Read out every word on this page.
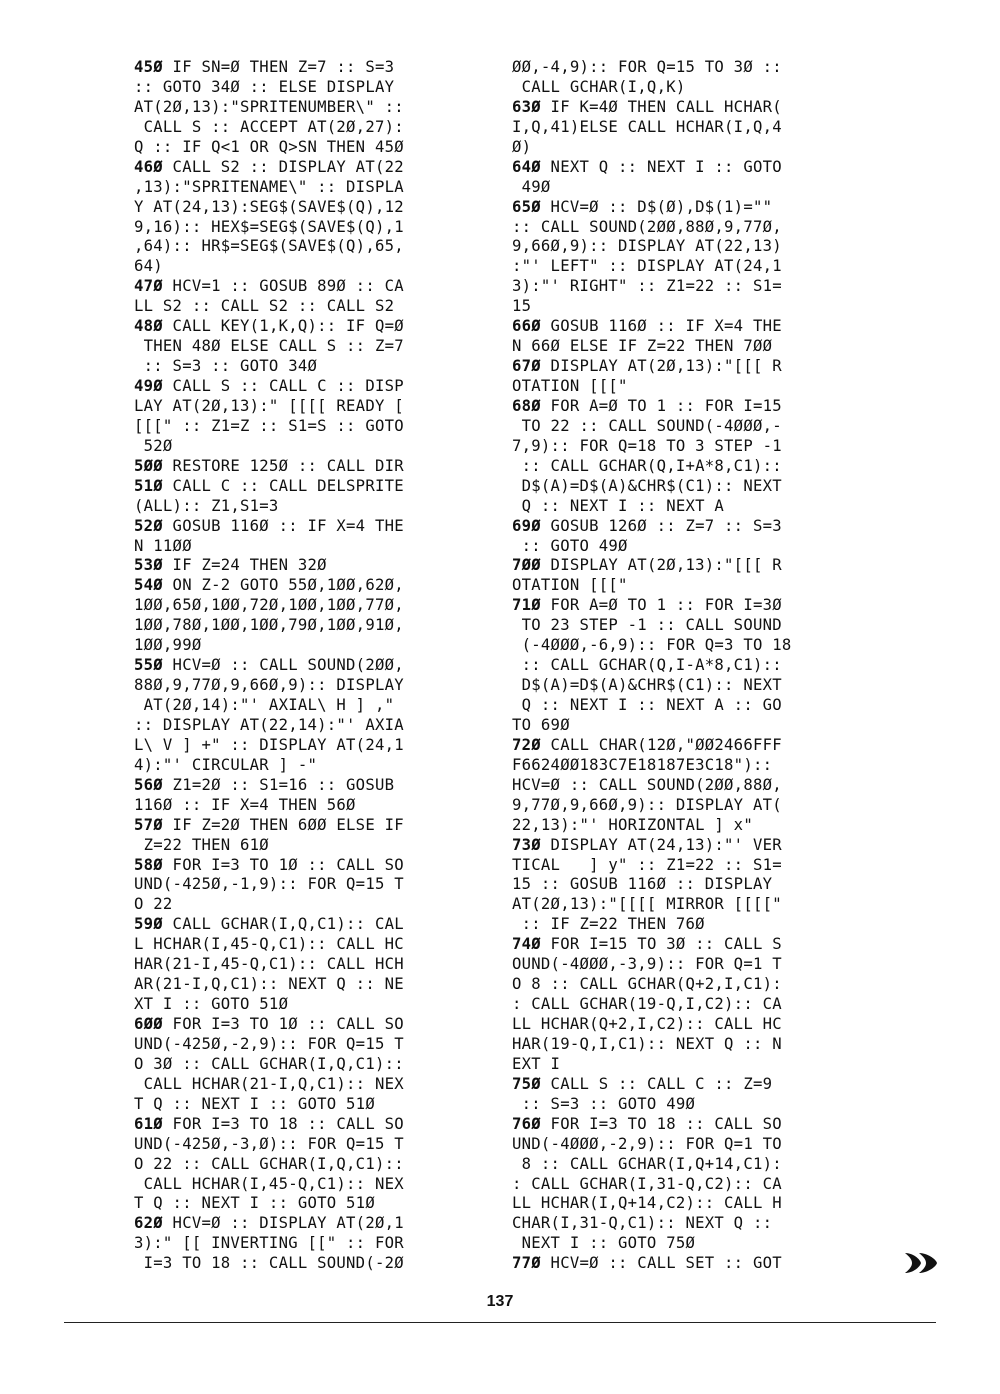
45Ø IF SN=Ø THEN Z=7 :: S=3
:: GOTO 34Ø :: ELSE DISPLAY
AT(2Ø,13):"SPRITENUMBER\" ::
CALL S :: ACCEPT AT(2Ø,27):
Q :: IF Q<1 OR Q>SN THEN 45Ø
46Ø CALL S2 :: DISPLAY AT(22
,13):"SPRITENAME\" :: DISPLA
Y AT(24,13):SEG$(SAVE$(Q),12
9,16):: HEX$=SEG$(SAVE$(Q),1
,64):: HR$=SEG$(SAVE$(Q),65,
64)
47Ø HCV=1 :: GOSUB 89Ø :: CA
LL S2 :: CALL S2 :: CALL S2
48Ø CALL KEY(1,K,Q):: IF Q=Ø
THEN 48Ø ELSE CALL S :: Z=7
:: S=3 :: GOTO 34Ø
49Ø CALL S :: CALL C :: DISP
LAY AT(2Ø,13):" [[[[ READY [
[[[" :: Z1=Z :: S1=S :: GOTO
52Ø
5ØØ RESTORE 125Ø :: CALL DIR
51Ø CALL C :: CALL DELSPRITE
(ALL):: Z1,S1=3
52Ø GOSUB 116Ø :: IF X=4 THE
N 11ØØ
53Ø IF Z=24 THEN 32Ø
54Ø ON Z-2 GOTO 55Ø,1ØØ,62Ø,
1ØØ,65Ø,1ØØ,72Ø,1ØØ,1ØØ,77Ø,
1ØØ,78Ø,1ØØ,1ØØ,79Ø,1ØØ,91Ø,
1ØØ,99Ø
55Ø HCV=Ø :: CALL SOUND(2ØØ,
88Ø,9,77Ø,9,66Ø,9):: DISPLAY
AT(2Ø,14):"' AXIAL\ H ] ,"
:: DISPLAY AT(22,14):"' AXIA
L\ V ] +" :: DISPLAY AT(24,1
4):"' CIRCULAR ] -"
56Ø Z1=2Ø :: S1=16 :: GOSUB
116Ø :: IF X=4 THEN 56Ø
57Ø IF Z=2Ø THEN 6ØØ ELSE IF
Z=22 THEN 61Ø
58Ø FOR I=3 TO 1Ø :: CALL SO
UND(-425Ø,-1,9):: FOR Q=15 T
O 22
59Ø CALL GCHAR(I,Q,C1):: CAL
L HCHAR(I,45-Q,C1):: CALL HC
HAR(21-I,45-Q,C1):: CALL HCH
AR(21-I,Q,C1):: NEXT Q :: NE
XT I :: GOTO 51Ø
6ØØ FOR I=3 TO 1Ø :: CALL SO
UND(-425Ø,-2,9):: FOR Q=15 T
O 3Ø :: CALL GCHAR(I,Q,C1)::
CALL HCHAR(21-I,Q,C1):: NEX
T Q :: NEXT I :: GOTO 51Ø
61Ø FOR I=3 TO 18 :: CALL SO
UND(-425Ø,-3,Ø):: FOR Q=15 T
O 22 :: CALL GCHAR(I,Q,C1)::
CALL HCHAR(I,45-Q,C1):: NEX
T Q :: NEXT I :: GOTO 51Ø
62Ø HCV=Ø :: DISPLAY AT(2Ø,1
3):" [[ INVERTING [[" :: FOR
I=3 TO 18 :: CALL SOUND(-2Ø
ØØ,-4,9):: FOR Q=15 TO 3Ø ::
CALL GCHAR(I,Q,K)
63Ø IF K=4Ø THEN CALL HCHAR(
I,Q,41)ELSE CALL HCHAR(I,Q,4
Ø)
64Ø NEXT Q :: NEXT I :: GOTO
49Ø
65Ø HCV=Ø :: D$(Ø),D$(1)=""
:: CALL SOUND(2ØØ,88Ø,9,77Ø,
9,66Ø,9):: DISPLAY AT(22,13)
:"' LEFT" :: DISPLAY AT(24,1
3):"' RIGHT" :: Z1=22 :: S1=
15
66Ø GOSUB 116Ø :: IF X=4 THE
N 66Ø ELSE IF Z=22 THEN 7ØØ
67Ø DISPLAY AT(2Ø,13):"[[[ R
OTATION [[["
68Ø FOR A=Ø TO 1 :: FOR I=15
TO 22 :: CALL SOUND(-4ØØØ,-
7,9):: FOR Q=18 TO 3 STEP -1
:: CALL GCHAR(Q,I+A*8,C1)::
D$(A)=D$(A)&CHR$(C1):: NEXT
Q :: NEXT I :: NEXT A
69Ø GOSUB 126Ø :: Z=7 :: S=3
:: GOTO 49Ø
7ØØ DISPLAY AT(2Ø,13):"[[[ R
OTATION [[["
71Ø FOR A=Ø TO 1 :: FOR I=3Ø
TO 23 STEP -1 :: CALL SOUND
(-4ØØØ,-6,9):: FOR Q=3 TO 18
:: CALL GCHAR(Q,I-A*8,C1)::
D$(A)=D$(A)&CHR$(C1):: NEXT
Q :: NEXT I :: NEXT A :: GO
TO 69Ø
72Ø CALL CHAR(12Ø,"ØØ2466FFF
F6624ØØ183C7E18187E3C18")::
HCV=Ø :: CALL SOUND(2ØØ,88Ø,
9,77Ø,9,66Ø,9):: DISPLAY AT(
22,13):"' HORIZONTAL ] x"
73Ø DISPLAY AT(24,13):"' VER
TICAL   ] y" :: Z1=22 :: S1=
15 :: GOSUB 116Ø :: DISPLAY
AT(2Ø,13):"[[[[ MIRROR [[[["
:: IF Z=22 THEN 76Ø
74Ø FOR I=15 TO 3Ø :: CALL S
OUND(-4ØØØ,-3,9):: FOR Q=1 T
O 8 :: CALL GCHAR(Q+2,I,C1):
: CALL GCHAR(19-Q,I,C2):: CA
LL HCHAR(Q+2,I,C2):: CALL HC
HAR(19-Q,I,C1):: NEXT Q :: N
EXT I
75Ø CALL S :: CALL C :: Z=9
:: S=3 :: GOTO 49Ø
76Ø FOR I=3 TO 18 :: CALL SO
UND(-4ØØØ,-2,9):: FOR Q=1 TO
8 :: CALL GCHAR(I,Q+14,C1):
: CALL GCHAR(I,31-Q,C2):: CA
LL HCHAR(I,Q+14,C2):: CALL H
CHAR(I,31-Q,C1):: NEXT Q ::
NEXT I :: GOTO 75Ø
77Ø HCV=Ø :: CALL SET :: GOT
137
